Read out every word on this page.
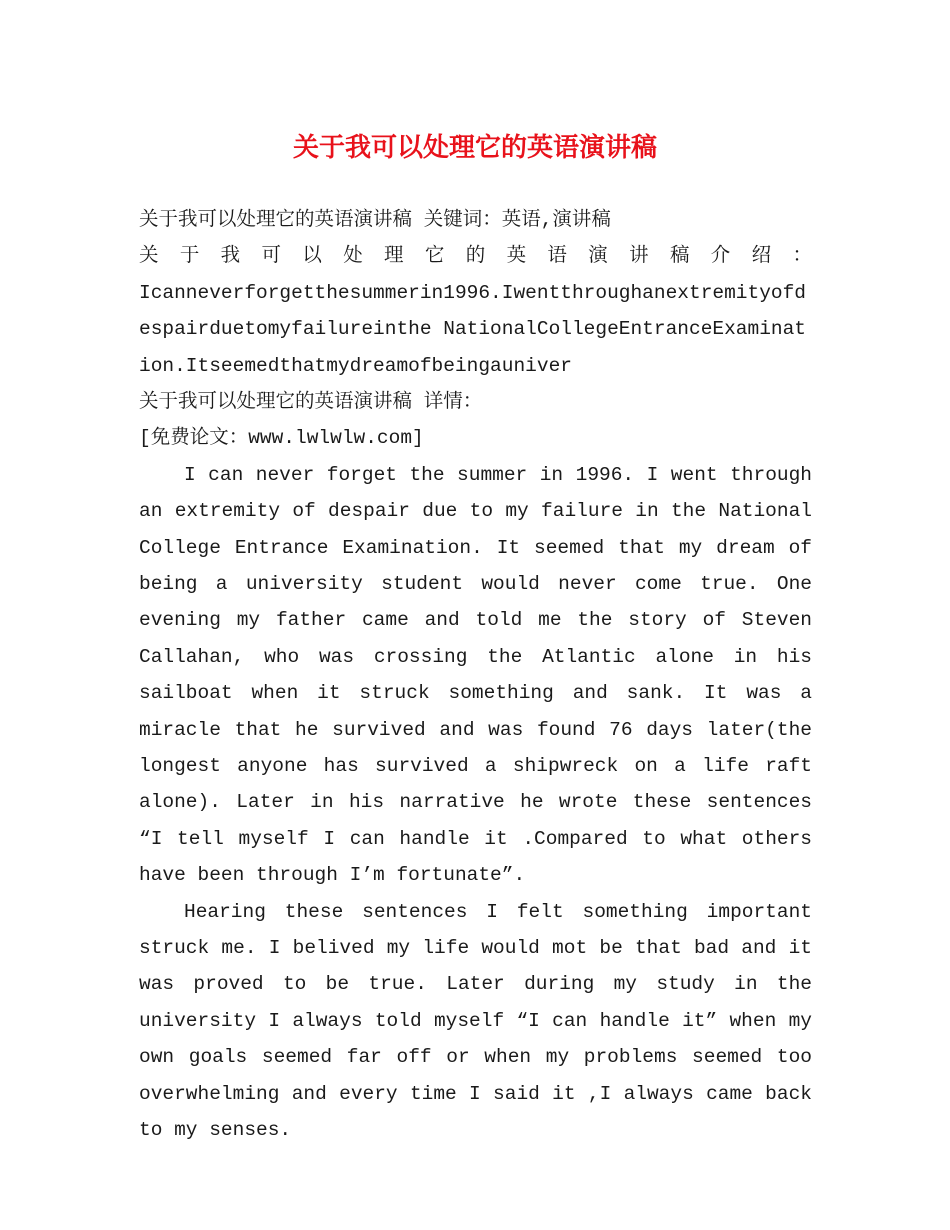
关于我可以处理它的英语演讲稿
关于我可以处理它的英语演讲稿 关键词：英语,演讲稿
关 于 我 可 以 处 理 它 的 英 语 演 讲 稿 介 绍 ：
Icanneverforgetthesummerin1996.Iwentthroughanextremityofdespairduetomyfailureinthe NationalCollegeEntranceExamination.Itseemedthatmydreamofbeingauniver
关于我可以处理它的英语演讲稿 详情：
[免费论文：www.lwlwlw.com]

I can never forget the summer in 1996. I went through an extremity of despair due to my failure in the National College Entrance Examination. It seemed that my dream of being a university student would never come true. One evening my father came and told me the story of Steven Callahan, who was crossing the Atlantic alone in his sailboat when it struck something and sank. It was a miracle that he survived and was found 76 days later(the longest anyone has survived a shipwreck on a life raft alone). Later in his narrative he wrote these sentences “I tell myself I can handle it .Compared to what others have been through I’m fortunate”.

Hearing these sentences I felt something important struck me. I belived my life would mot be that bad and it was proved to be true. Later during my study in the university I always told myself “I can handle it” when my own goals seemed far off or when my problems seemed too overwhelming and every time I said it ,I always came back to my senses.
